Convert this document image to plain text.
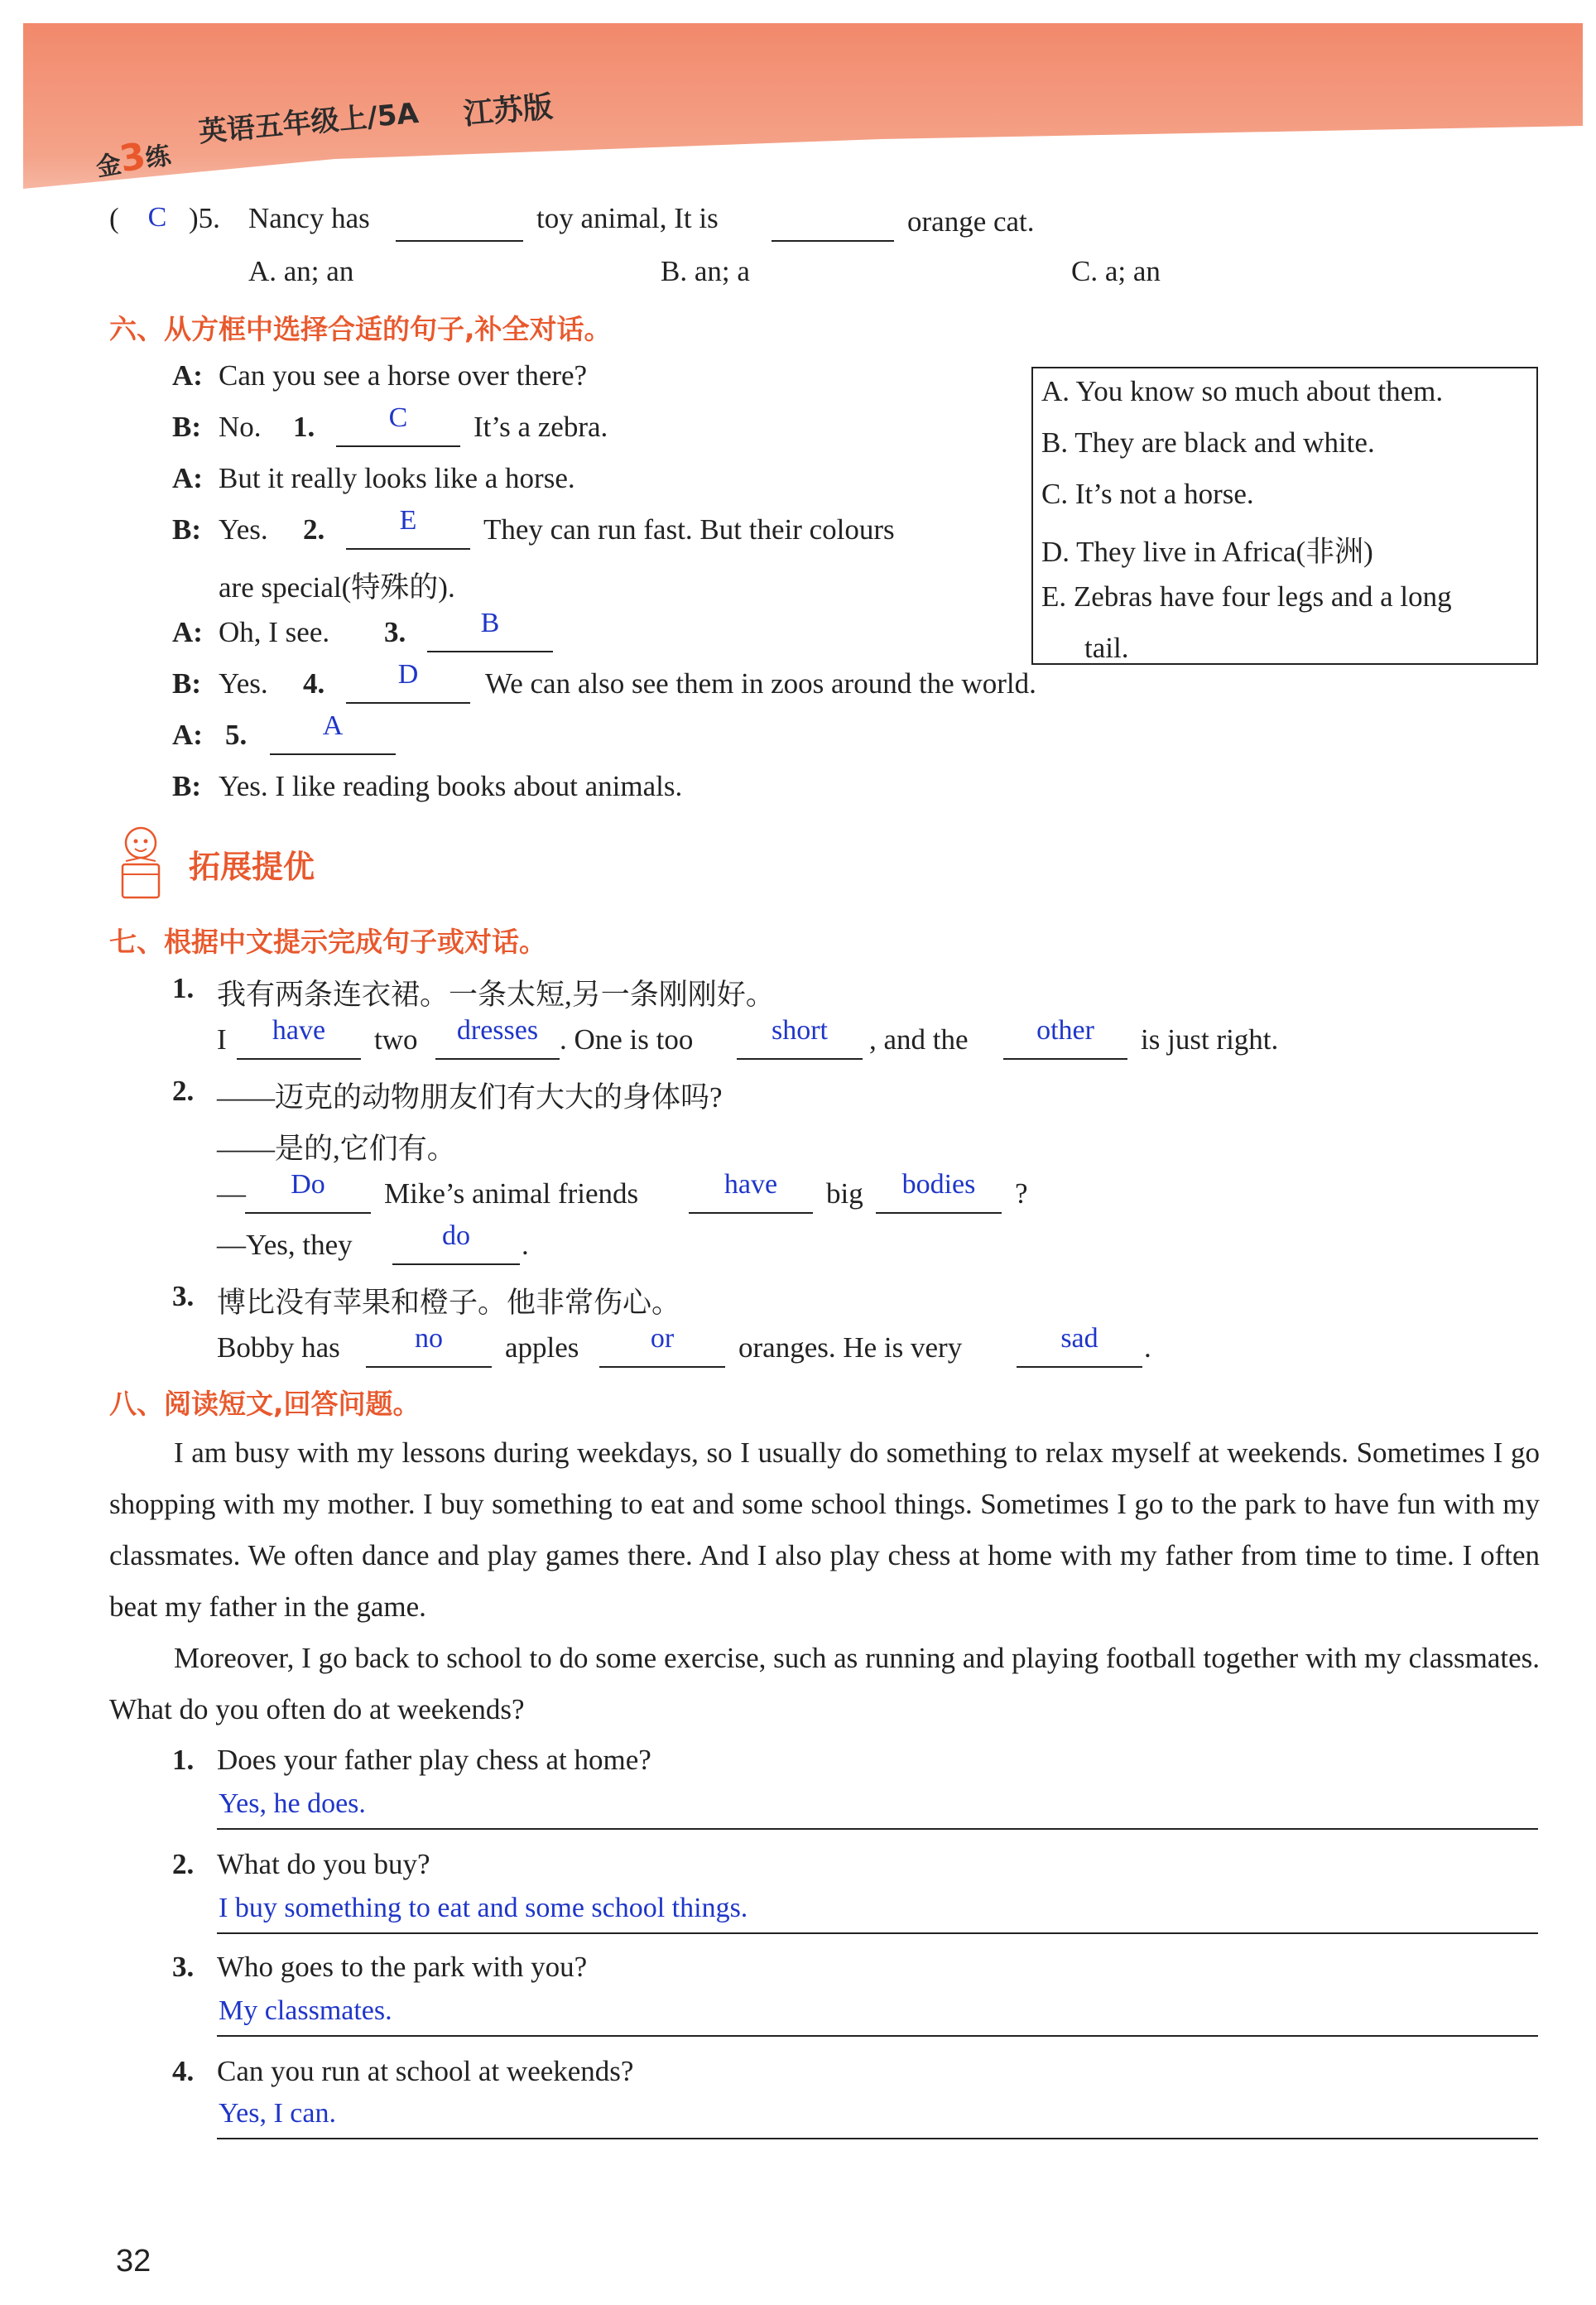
金3练
英语五年级上/5A 江苏版
( C )5. Nancy has	toy animal, It is	orange cat.
A. an; an	B. an; a	C. a; an
六、从方框中选择合适的句子,补全对话。
A. You know so much about them.
B. They are black and white.
C. It’s not a horse.
D. They live in Africa(非洲)
E. Zebras have four legs and a long
tail.
A: Can you see a horse over there?
B: No. 1.	C	It’s a zebra.
A: But it really looks like a horse.
B: Yes. 2.	E	They can run fast. But their colours
are special(特殊的).
A: Oh, I see. 3.	B
B: Yes. 4.	D	We can also see them in zoos around the world.
A: 5.	A
B: Yes. I like reading books about animals.
拓展提优
七、根据中文提示完成句子或对话。
1. 我有两条连衣裙。一条太短,另一条刚刚好。
I	have	two	dresses . One is too	short	, and the	other	is just right.
2. ——迈克的动物朋友们有大大的身体吗?
——是的,它们有。
—	Do	Mike’s animal friends	have	big	bodies	?
—Yes, they	do	.
3. 博比没有苹果和橙子。他非常伤心。
Bobby has	no	apples	or	oranges. He is very	sad	.
八、阅读短文,回答问题。
I am busy with my lessons during weekdays, so I usually do something to relax myself at weekends. Sometimes I go shopping with my mother. I buy something to eat and some school things. Sometimes I go to the park to have fun with my classmates. We often dance and play games there. And I also play chess at home with my father from time to time. I often beat my father in the game.
Moreover, I go back to school to do some exercise, such as running and playing football together with my classmates. What do you often do at weekends?
1. Does your father play chess at home?
Yes, he does.
2. What do you buy?
I buy something to eat and some school things.
3. Who goes to the park with you?
My classmates.
4. Can you run at school at weekends?
Yes, I can.
32
